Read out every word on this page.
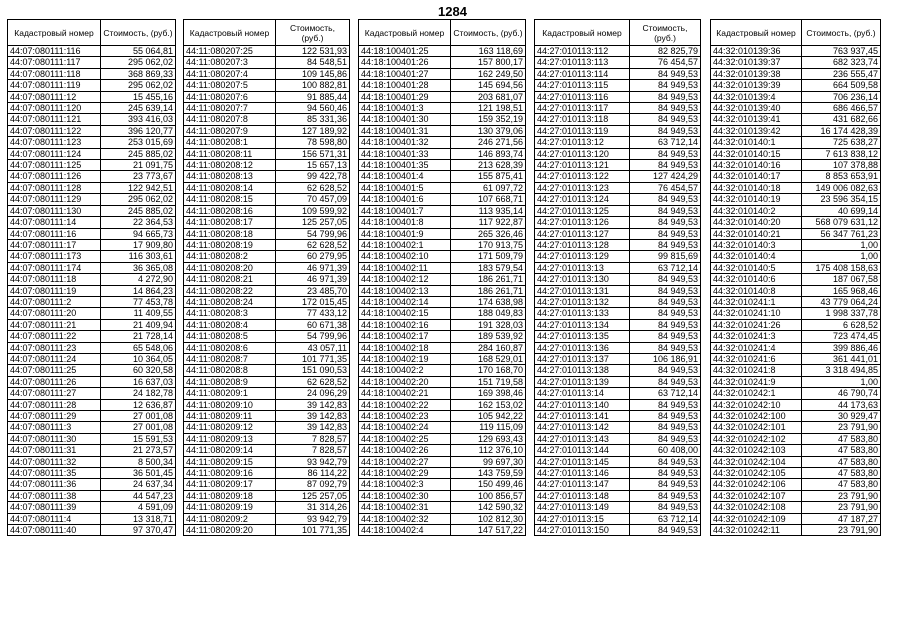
1284
Кадастровый номер	Стоимость, (руб.)
44:07:080111:116	55 064,81
44:07:080111:117	295 062,02
44:07:080111:118	368 869,33
44:07:080111:119	295 062,02
44:07:080111:12	15 455,16
44:07:080111:120	245 639,14
44:07:080111:121	393 416,03
44:07:080111:122	396 120,77
44:07:080111:123	253 015,69
44:07:080111:124	245 885,02
44:07:080111:125	21 091,75
44:07:080111:126	23 773,67
44:07:080111:128	122 942,51
44:07:080111:129	295 062,02
44:07:080111:130	245 885,02
44:07:080111:14	22 364,53
44:07:080111:16	94 665,73
44:07:080111:17	17 909,80
44:07:080111:173	116 303,61
44:07:080111:174	36 365,08
44:07:080111:18	4 272,90
44:07:080111:19	14 864,23
44:07:080111:2	77 453,78
44:07:080111:20	11 409,55
44:07:080111:21	21 409,94
44:07:080111:22	21 728,14
44:07:080111:23	65 548,06
44:07:080111:24	10 364,05
44:07:080111:25	60 320,58
44:07:080111:26	16 637,03
44:07:080111:27	24 182,78
44:07:080111:28	12 636,87
44:07:080111:29	27 001,08
44:07:080111:3	27 001,08
44:07:080111:30	15 591,53
44:07:080111:31	21 273,57
44:07:080111:32	8 500,34
44:07:080111:35	36 501,45
44:07:080111:36	24 637,34
44:07:080111:38	44 547,23
44:07:080111:39	4 591,09
44:07:080111:4	13 318,71
44:07:080111:40	97 370,47
Кадастровый номер	Стоимость, (руб.)
44:11:080207:25	122 531,93
44:11:080207:3	84 548,51
44:11:080207:4	109 145,86
44:11:080207:5	100 882,81
44:11:080207:6	91 885,44
44:11:080207:7	94 560,46
44:11:080207:8	85 331,36
44:11:080207:9	127 189,92
44:11:080208:1	78 598,80
44:11:080208:11	156 571,31
44:11:080208:12	15 657,13
44:11:080208:13	99 422,78
44:11:080208:14	62 628,52
44:11:080208:15	70 457,09
44:11:080208:16	109 599,92
44:11:080208:17	125 257,05
44:11:080208:18	54 799,96
44:11:080208:19	62 628,52
44:11:080208:2	60 279,95
44:11:080208:20	46 971,39
44:11:080208:21	46 971,39
44:11:080208:22	23 485,70
44:11:080208:24	172 015,45
44:11:080208:3	77 433,12
44:11:080208:4	60 671,38
44:11:080208:5	54 799,96
44:11:080208:6	43 057,11
44:11:080208:7	101 771,35
44:11:080208:8	151 090,53
44:11:080208:9	62 628,52
44:11:080209:1	24 096,29
44:11:080209:10	39 142,83
44:11:080209:11	39 142,83
44:11:080209:12	39 142,83
44:11:080209:13	7 828,57
44:11:080209:14	7 828,57
44:11:080209:15	93 942,79
44:11:080209:16	86 114,22
44:11:080209:17	87 092,79
44:11:080209:18	125 257,05
44:11:080209:19	31 314,26
44:11:080209:2	93 942,79
44:11:080209:20	101 771,35
Кадастровый номер	Стоимость, (руб.)
44:18:100401:25	163 118,69
44:18:100401:26	157 800,17
44:18:100401:27	162 249,50
44:18:100401:28	145 694,56
44:18:100401:29	203 681,07
44:18:100401:3	121 198,51
44:18:100401:30	159 352,19
44:18:100401:31	130 379,06
44:18:100401:32	246 271,56
44:18:100401:33	146 893,74
44:18:100401:35	213 628,39
44:18:100401:4	155 875,41
44:18:100401:5	61 097,72
44:18:100401:6	107 668,71
44:18:100401:7	113 935,14
44:18:100401:8	117 922,87
44:18:100401:9	265 326,46
44:18:100402:1	170 913,75
44:18:100402:10	171 509,79
44:18:100402:11	183 579,54
44:18:100402:12	186 261,71
44:18:100402:13	186 261,71
44:18:100402:14	174 638,98
44:18:100402:15	188 049,83
44:18:100402:16	191 328,03
44:18:100402:17	189 539,92
44:18:100402:18	284 160,87
44:18:100402:19	168 529,01
44:18:100402:2	170 168,70
44:18:100402:20	151 719,58
44:18:100402:21	169 398,46
44:18:100402:22	162 153,02
44:18:100402:23	105 942,22
44:18:100402:24	119 115,09
44:18:100402:25	129 693,43
44:18:100402:26	112 376,10
44:18:100402:27	99 697,30
44:18:100402:29	143 759,59
44:18:100402:3	150 499,46
44:18:100402:30	100 856,57
44:18:100402:31	142 590,32
44:18:100402:32	102 812,30
44:18:100402:4	147 517,22
Кадастровый номер	Стоимость, (руб.)
44:27:010113:112	82 825,79
44:27:010113:113	76 454,57
44:27:010113:114	84 949,53
44:27:010113:115	84 949,53
44:27:010113:116	84 949,53
44:27:010113:117	84 949,53
44:27:010113:118	84 949,53
44:27:010113:119	84 949,53
44:27:010113:12	63 712,14
44:27:010113:120	84 949,53
44:27:010113:121	84 949,53
44:27:010113:122	127 424,29
44:27:010113:123	76 454,57
44:27:010113:124	84 949,53
44:27:010113:125	84 949,53
44:27:010113:126	84 949,53
44:27:010113:127	84 949,53
44:27:010113:128	84 949,53
44:27:010113:129	99 815,69
44:27:010113:13	63 712,14
44:27:010113:130	84 949,53
44:27:010113:131	84 949,53
44:27:010113:132	84 949,53
44:27:010113:133	84 949,53
44:27:010113:134	84 949,53
44:27:010113:135	84 949,53
44:27:010113:136	84 949,53
44:27:010113:137	106 186,91
44:27:010113:138	84 949,53
44:27:010113:139	84 949,53
44:27:010113:14	63 712,14
44:27:010113:140	84 949,53
44:27:010113:141	84 949,53
44:27:010113:142	84 949,53
44:27:010113:143	84 949,53
44:27:010113:144	60 408,00
44:27:010113:145	84 949,53
44:27:010113:146	84 949,53
44:27:010113:147	84 949,53
44:27:010113:148	84 949,53
44:27:010113:149	84 949,53
44:27:010113:15	63 712,14
44:27:010113:150	84 949,53
Кадастровый номер	Стоимость, (руб.)
44:32:010139:36	763 937,45
44:32:010139:37	682 323,74
44:32:010139:38	236 555,47
44:32:010139:39	664 509,58
44:32:010139:4	706 236,14
44:32:010139:40	686 466,57
44:32:010139:41	431 682,66
44:32:010139:42	16 174 428,39
44:32:010140:1	725 638,27
44:32:010140:15	7 613 838,12
44:32:010140:16	107 378,88
44:32:010140:17	8 853 653,91
44:32:010140:18	149 006 082,63
44:32:010140:19	23 596 354,15
44:32:010140:2	40 699,14
44:32:010140:20	568 079 631,12
44:32:010140:21	56 347 761,23
44:32:010140:3	1,00
44:32:010140:4	1,00
44:32:010140:5	175 408 158,63
44:32:010140:6	187 067,58
44:32:010140:8	165 968,46
44:32:010241:1	43 779 064,24
44:32:010241:10	1 998 337,78
44:32:010241:26	6 628,52
44:32:010241:3	723 474,45
44:32:010241:4	399 886,46
44:32:010241:6	361 441,01
44:32:010241:8	3 318 494,85
44:32:010241:9	1,00
44:32:010242:1	46 790,74
44:32:010242:10	44 173,63
44:32:010242:100	30 929,47
44:32:010242:101	23 791,90
44:32:010242:102	47 583,80
44:32:010242:103	47 583,80
44:32:010242:104	47 583,80
44:32:010242:105	47 583,80
44:32:010242:106	47 583,80
44:32:010242:107	23 791,90
44:32:010242:108	23 791,90
44:32:010242:109	47 187,27
44:32:010242:11	23 791,90
